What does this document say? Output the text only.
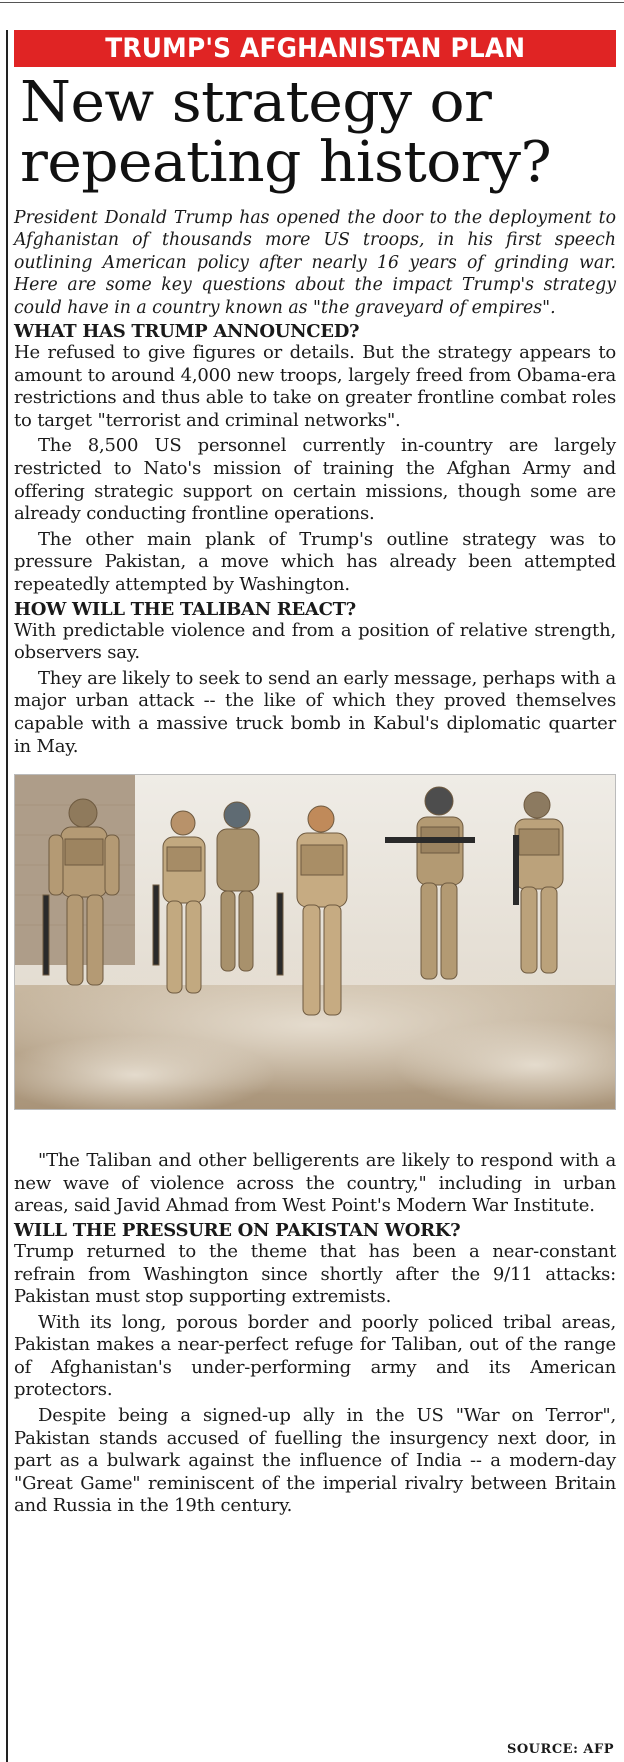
TRUMP'S AFGHANISTAN PLAN
New strategy or
repeating history?

President Donald Trump has opened the door to the deployment to Afghanistan of thousands more US troops, in his first speech outlining American policy after nearly 16 years of grinding war. Here are some key questions about the impact Trump's strategy could have in a country known as "the graveyard of empires".

WHAT HAS TRUMP ANNOUNCED?

He refused to give figures or details. But the strategy appears to amount to around 4,000 new troops, largely freed from Obama-era restrictions and thus able to take on greater frontline combat roles to target "terrorist and criminal networks".

The 8,500 US personnel currently in-country are largely restricted to Nato's mission of training the Afghan Army and offering strategic support on certain missions, though some are already conducting frontline operations.

The other main plank of Trump's outline strategy was to pressure Pakistan, a move which has already been attempted repeatedly attempted by Washington.

HOW WILL THE TALIBAN REACT?

With predictable violence and from a position of relative strength, observers say.

They are likely to seek to send an early message, perhaps with a major urban attack -- the like of which they proved themselves capable with a massive truck bomb in Kabul's diplomatic quarter in May.

"The Taliban and other belligerents are likely to respond with a new wave of violence across the country," including in urban areas, said Javid Ahmad from West Point's Modern War Institute.

WILL THE PRESSURE ON PAKISTAN WORK?

Trump returned to the theme that has been a near-constant refrain from Washington since shortly after the 9/11 attacks: Pakistan must stop supporting extremists.

With its long, porous border and poorly policed tribal areas, Pakistan makes a near-perfect refuge for Taliban, out of the range of Afghanistan's under-performing army and its American protectors.

Despite being a signed-up ally in the US "War on Terror", Pakistan stands accused of fuelling the insurgency next door, in part as a bulwark against the influence of India -- a modern-day "Great Game" reminiscent of the imperial rivalry between Britain and Russia in the 19th century.

SOURCE: AFP
